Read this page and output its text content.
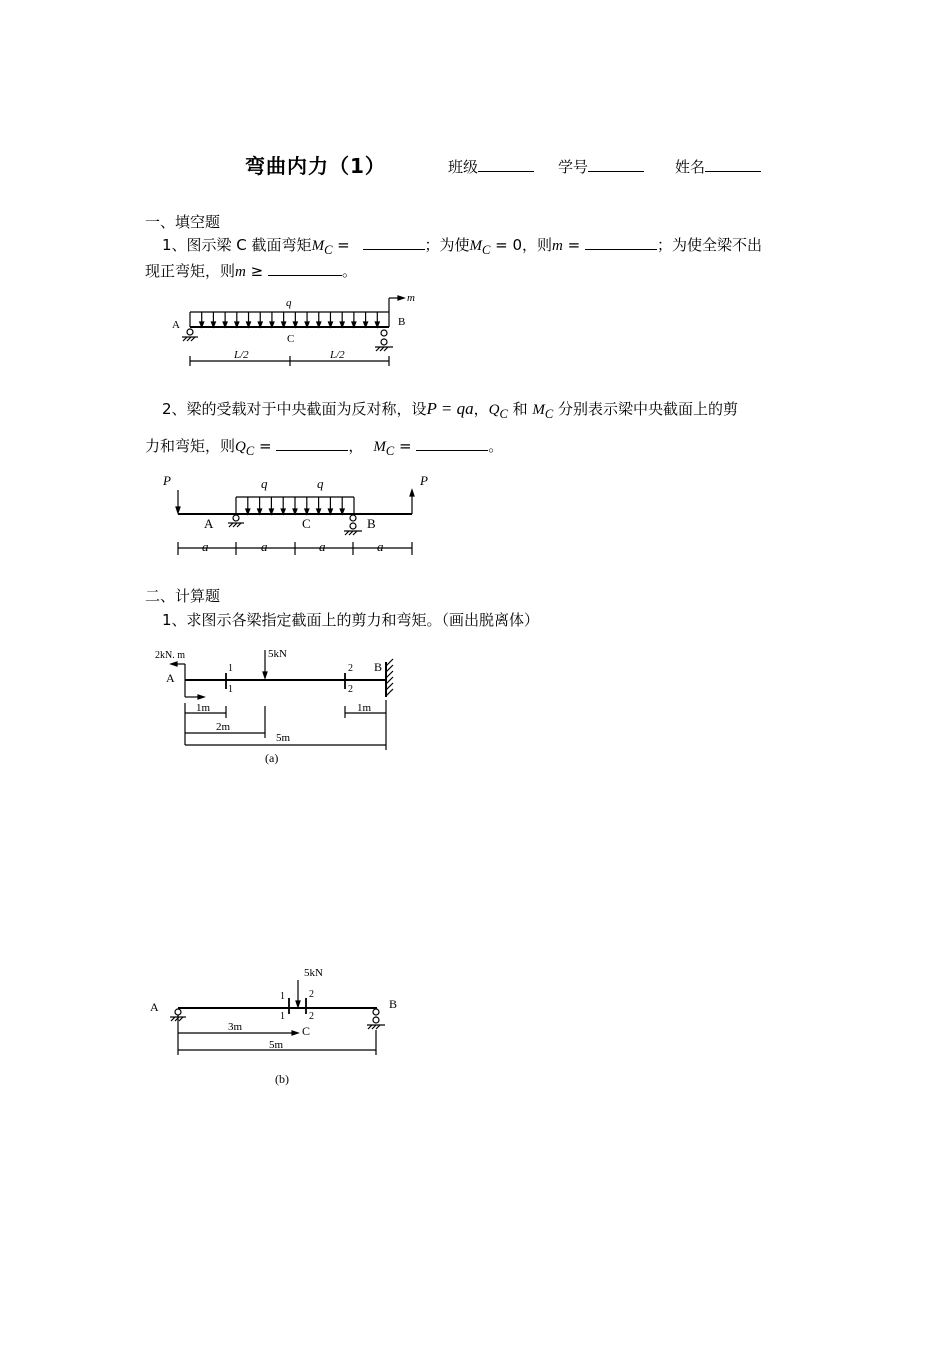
弯曲内力（1）	班级	学号	姓名
一、填空题
1、图示梁 C 截面弯矩$M_C$ =	；为使$M_C = 0$，则m =	；为使全梁不出
现正弯矩，则m ≥	。
q	m
A	B
C
L/2	L/2
2、梁的受载对于中央截面为反对称，设P = qa，$Q_C$ 和 $M_C$ 分别表示梁中央截面上的剪
力和弯矩，则$Q_C$ =	， $M_C$ =	。
P	P
q	q
A	C	B
a	a	a	a
二、计算题
1、求图示各梁指定截面上的剪力和弯矩。（画出脱离体）
2kN. m	5kN
A
B
1
1
2
2
1m
2m
5m
1m
(a)
5kN
A	B
C
1
1
2
2
3m
5m
(b)
